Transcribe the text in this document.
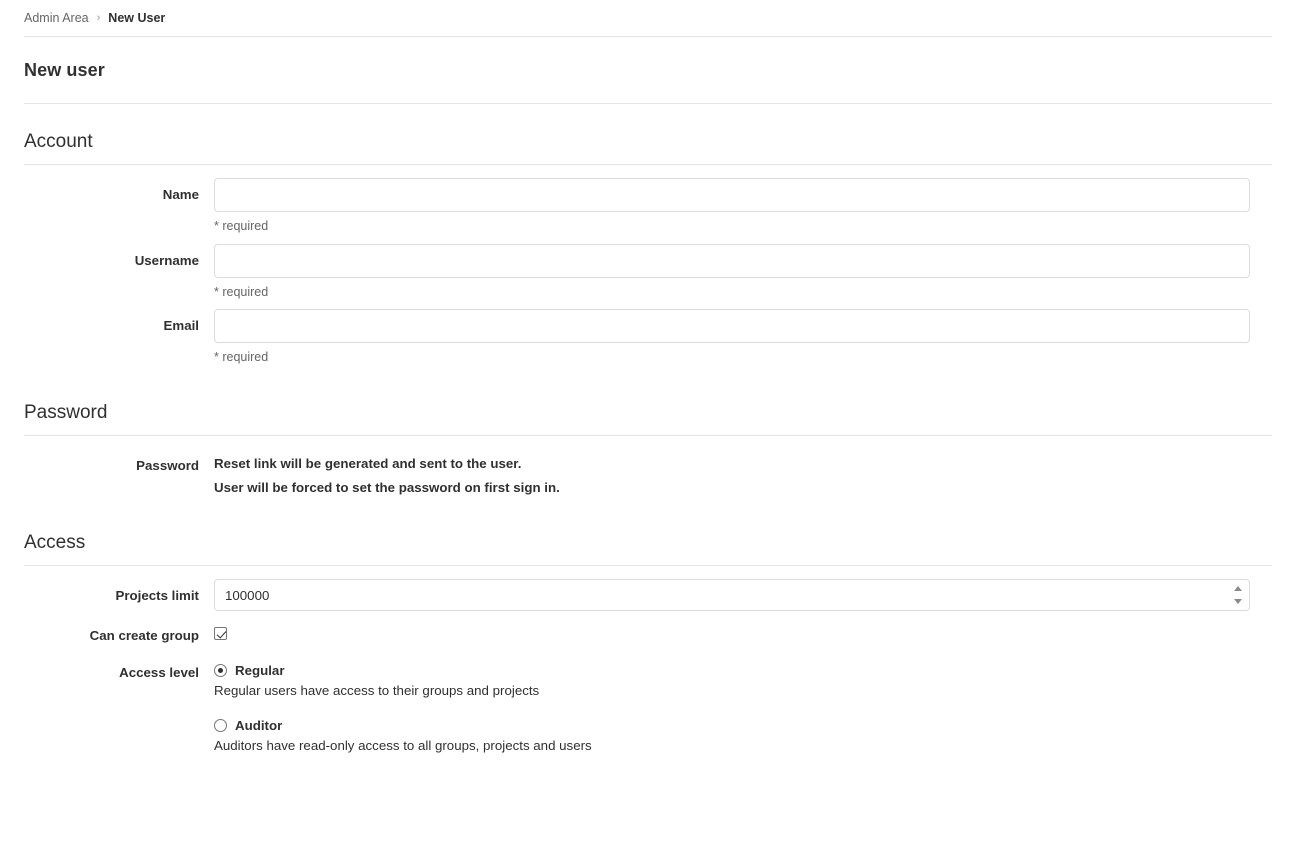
Admin Area › New User
New user
Account
Name
* required
Username
* required
Email
* required
Password
Password	Reset link will be generated and sent to the user.
User will be forced to set the password on first sign in.
Access
Projects limit
100000
Can create group
Access level	Regular
Regular users have access to their groups and projects
Auditor
Auditors have read-only access to all groups, projects and users
